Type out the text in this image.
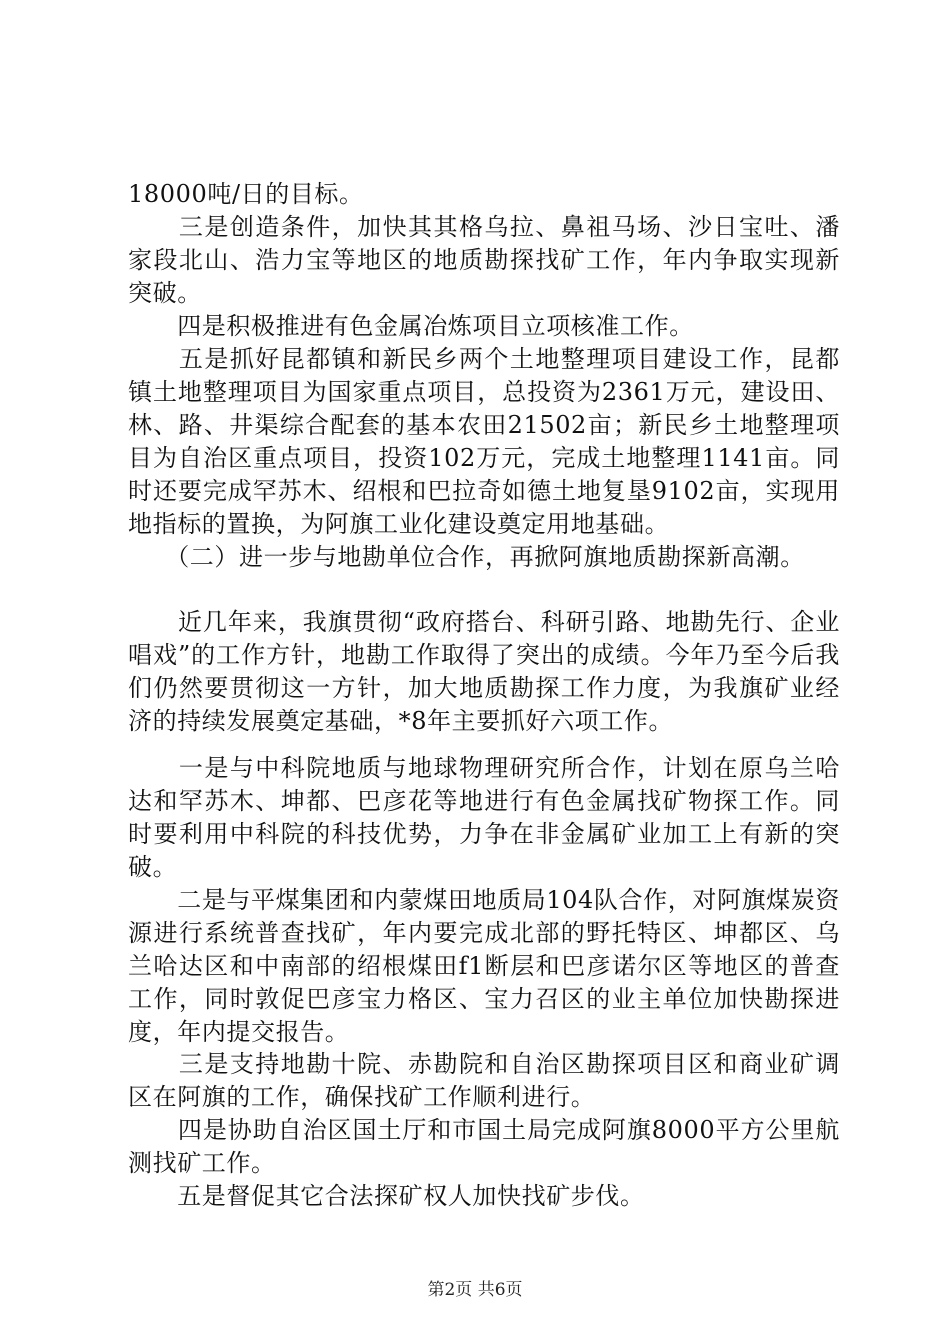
18000吨/日的目标。

　　三是创造条件，加快其其格乌拉、鼻祖马场、沙日宝吐、潘家段北山、浩力宝等地区的地质勘探找矿工作，年内争取实现新突破。

　　四是积极推进有色金属冶炼项目立项核准工作。

　　五是抓好昆都镇和新民乡两个土地整理项目建设工作，昆都镇土地整理项目为国家重点项目，总投资为2361万元，建设田、林、路、井渠综合配套的基本农田21502亩；新民乡土地整理项目为自治区重点项目，投资102万元，完成土地整理1141亩。同时还要完成罕苏木、绍根和巴拉奇如德土地复垦9102亩，实现用地指标的置换，为阿旗工业化建设奠定用地基础。

　　（二）进一步与地勘单位合作，再掀阿旗地质勘探新高潮。

　　近几年来，我旗贯彻“政府搭台、科研引路、地勘先行、企业唱戏”的工作方针，地勘工作取得了突出的成绩。今年乃至今后我们仍然要贯彻这一方针，加大地质勘探工作力度，为我旗矿业经济的持续发展奠定基础，*8年主要抓好六项工作。

　　一是与中科院地质与地球物理研究所合作，计划在原乌兰哈达和罕苏木、坤都、巴彦花等地进行有色金属找矿物探工作。同时要利用中科院的科技优势，力争在非金属矿业加工上有新的突破。

　　二是与平煤集团和内蒙煤田地质局104队合作，对阿旗煤炭资源进行系统普查找矿，年内要完成北部的野托特区、坤都区、乌兰哈达区和中南部的绍根煤田f1断层和巴彦诺尔区等地区的普查工作，同时敦促巴彦宝力格区、宝力召区的业主单位加快勘探进度，年内提交报告。

　　三是支持地勘十院、赤勘院和自治区勘探项目区和商业矿调区在阿旗的工作，确保找矿工作顺利进行。

　　四是协助自治区国土厅和市国土局完成阿旗8000平方公里航测找矿工作。

　　五是督促其它合法探矿权人加快找矿步伐。

第2页 共6页
